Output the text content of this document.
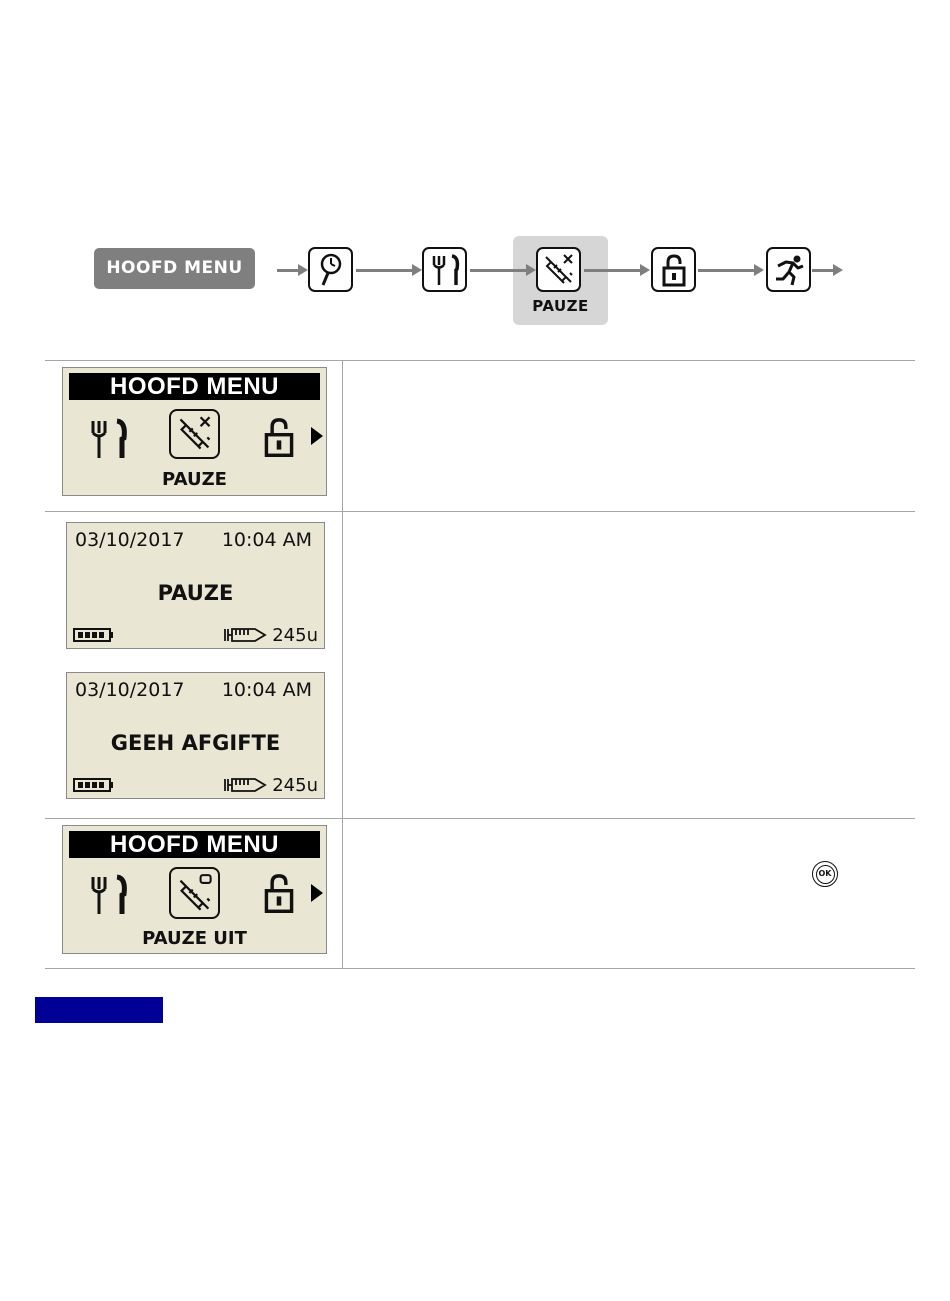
HOOFD MENU
PAUZE
HOOFD MENU
PAUZE
03/10/2017 10:04 AM
PAUZE
245u
03/10/2017 10:04 AM
GEEH AFGIFTE
245u
HOOFD MENU
PAUZE UIT
OK
